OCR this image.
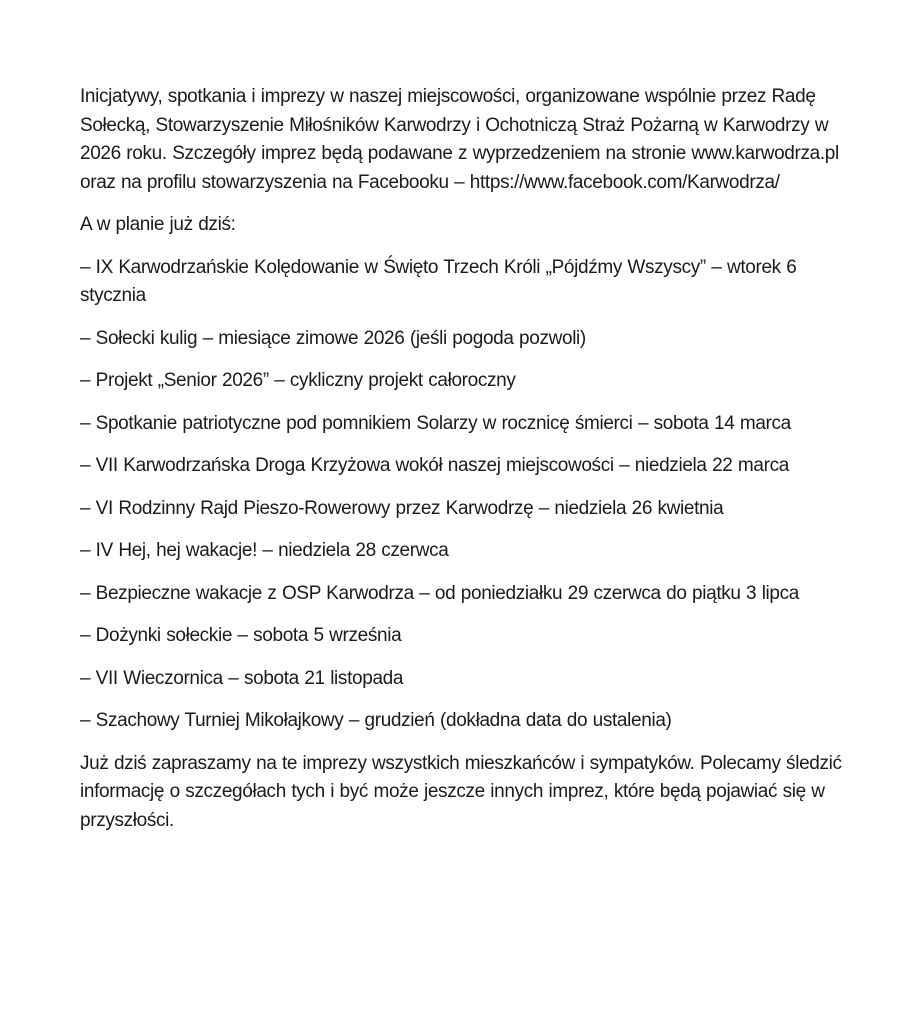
Inicjatywy, spotkania i imprezy w naszej miejscowości, organizowane wspólnie przez Radę Sołecką, Stowarzyszenie Miłośników Karwodrzy i Ochotniczą Straż Pożarną w Karwodrzy w 2026 roku. Szczegóły imprez będą podawane z wyprzedzeniem na stronie www.karwodrza.pl oraz na profilu stowarzyszenia na Facebooku – https://www.facebook.com/Karwodrza/

A w planie już dziś:

– IX Karwodrzańskie Kolędowanie w Święto Trzech Króli „Pójdźmy Wszyscy” – wtorek 6 stycznia

– Sołecki kulig – miesiące zimowe 2026 (jeśli pogoda pozwoli)

– Projekt „Senior 2026” – cykliczny projekt całoroczny

– Spotkanie patriotyczne pod pomnikiem Solarzy w rocznicę śmierci – sobota 14 marca

– VII Karwodrzańska Droga Krzyżowa wokół naszej miejscowości – niedziela 22 marca

– VI Rodzinny Rajd Pieszo-Rowerowy przez Karwodrzę – niedziela 26 kwietnia

– IV Hej, hej wakacje! – niedziela 28 czerwca

– Bezpieczne wakacje z OSP Karwodrza – od poniedziałku 29 czerwca do piątku 3 lipca

– Dożynki sołeckie – sobota 5 września

– VII Wieczornica – sobota 21 listopada

– Szachowy Turniej Mikołajkowy – grudzień (dokładna data do ustalenia)

Już dziś zapraszamy na te imprezy wszystkich mieszkańców i sympatyków. Polecamy śledzić informację o szczegółach tych i być może jeszcze innych imprez, które będą pojawiać się w przyszłości.
